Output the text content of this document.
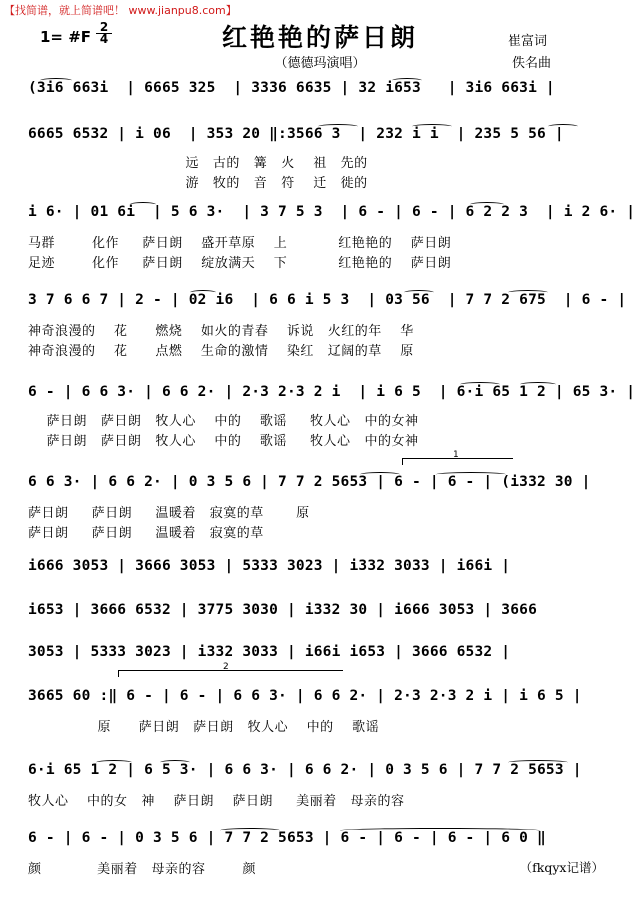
【找简谱，就上简谱吧！ www.jianpu8.com】
1= #F
2
4	红艳艳的萨日朗	崔富词
（德德玛演唱）	佚名曲
(3i6 663i  | 6665 325  | 3336 6635 | 32 i653   | 3i6 663i |
6665 6532 | i 06  | 353 20 ‖:3566 3  | 232 i i  | 235 5 56 |
远   古的   篝   火    祖   先的
游   牧的   音   符    迁   徙的
i 6· | 01 6i  | 5 6 3·  | 3 7 5 3  | 6 - | 6 - | 6 2 2 3  | i 2 6· |
马群        化作     萨日朗    盛开草原    上           红艳艳的    萨日朗
足迹        化作     萨日朗    绽放满天    下           红艳艳的    萨日朗
3 7 6 6 7 | 2 - | 02 i6  | 6 6 i 5 3  | 03 56  | 7 7 2 675  | 6 - |
神奇浪漫的    花      燃烧    如火的青春    诉说   火红的年    华
神奇浪漫的    花      点燃    生命的激情    染红   辽阔的草    原
6 - | 6 6 3· | 6 6 2· | 2·3 2·3 2 i  | i 6 5  | 6·i 65 1 2 | 65 3· |
萨日朗   萨日朗   牧人心    中的    歌谣     牧人心   中的女神
萨日朗   萨日朗   牧人心    中的    歌谣     牧人心   中的女神
1
6 6 3· | 6 6 2· | 0 3 5 6 | 7 7 2 5653 | 6 - | 6 - | (i332 30 |
萨日朗     萨日朗     温暖着   寂寞的草       原
萨日朗     萨日朗     温暖着   寂寞的草
i666 3053 | 3666 3053 | 5333 3023 | i332 3033 | i66i |
i653 | 3666 6532 | 3775 3030 | i332 30 | i666 3053 | 3666
3053 | 5333 3023 | i332 3033 | i66i i653 | 3666 6532 |
2
3665 60 :‖ 6 - | 6 - | 6 6 3· | 6 6 2· | 2·3 2·3 2 i | i 6 5 |
原      萨日朗   萨日朗   牧人心    中的    歌谣
6·i 65 1 2 | 6 5 3· | 6 6 3· | 6 6 2· | 0 3 5 6 | 7 7 2 5653 |
牧人心    中的女   神    萨日朗    萨日朗     美丽着   母亲的容
6 - | 6 - | 0 3 5 6 | 7 7 2 5653 | 6 - | 6 - | 6 - | 6 0 ‖
颜            美丽着   母亲的容        颜	（fkqyx记谱）
